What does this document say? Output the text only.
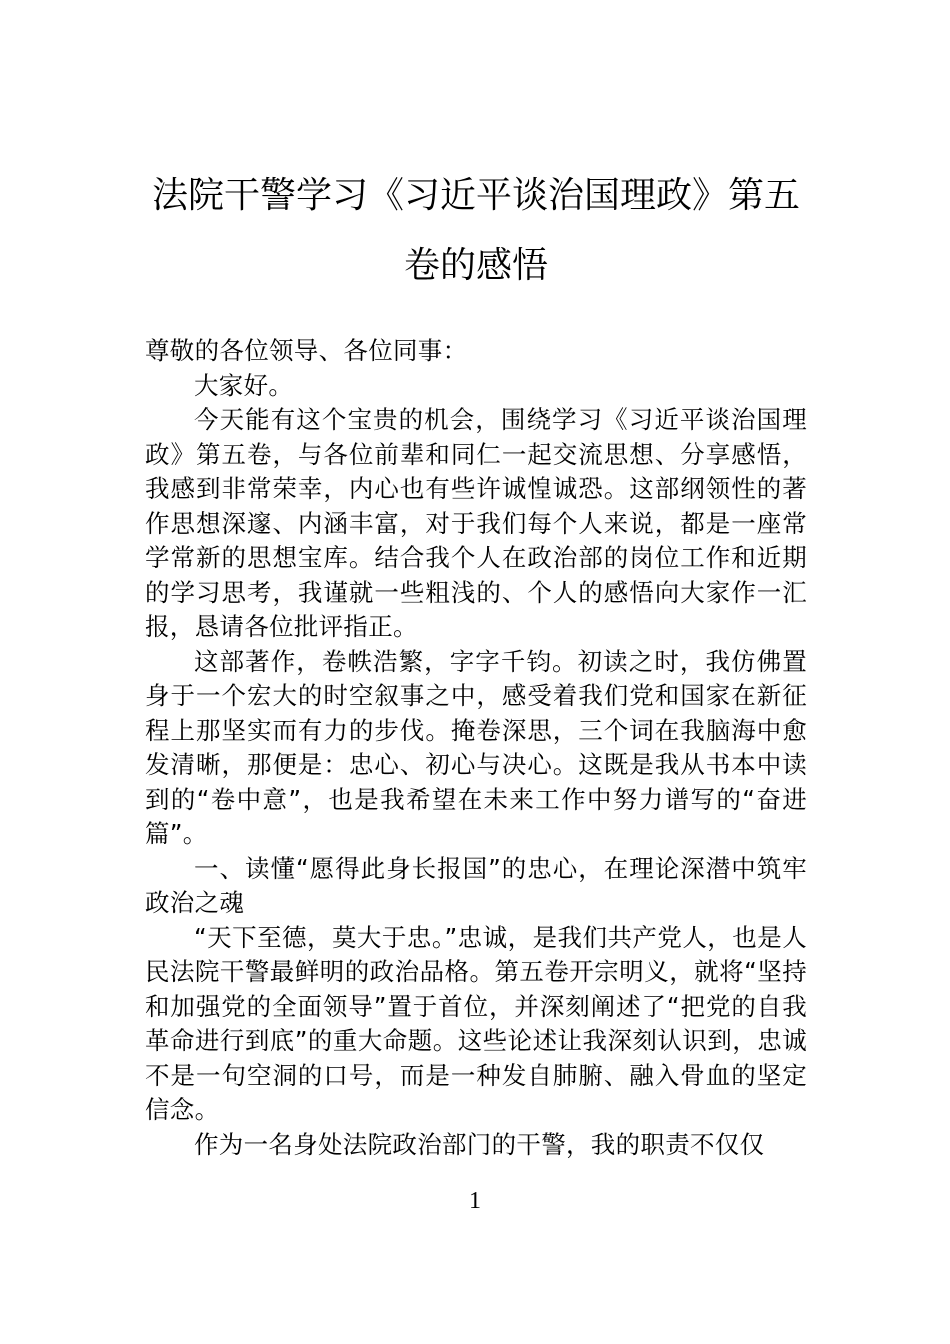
法院干警学习《习近平谈治国理政》第五
卷的感悟

尊敬的各位领导、各位同事：

大家好。

今天能有这个宝贵的机会，围绕学习《习近平谈治国理政》第五卷，与各位前辈和同仁一起交流思想、分享感悟，我感到非常荣幸，内心也有些许诚惶诚恐。这部纲领性的著作思想深邃、内涵丰富，对于我们每个人来说，都是一座常学常新的思想宝库。结合我个人在政治部的岗位工作和近期的学习思考，我谨就一些粗浅的、个人的感悟向大家作一汇报，恳请各位批评指正。

这部著作，卷帙浩繁，字字千钧。初读之时，我仿佛置身于一个宏大的时空叙事之中，感受着我们党和国家在新征程上那坚实而有力的步伐。掩卷深思，三个词在我脑海中愈发清晰，那便是：忠心、初心与决心。这既是我从书本中读到的“卷中意”，也是我希望在未来工作中努力谱写的“奋进篇”。

一、读懂“愿得此身长报国”的忠心，在理论深潜中筑牢政治之魂

“天下至德，莫大于忠。”忠诚，是我们共产党人，也是人民法院干警最鲜明的政治品格。第五卷开宗明义，就将“坚持和加强党的全面领导”置于首位，并深刻阐述了“把党的自我革命进行到底”的重大命题。这些论述让我深刻认识到，忠诚不是一句空洞的口号，而是一种发自肺腑、融入骨血的坚定信念。

作为一名身处法院政治部门的干警，我的职责不仅仅

1
